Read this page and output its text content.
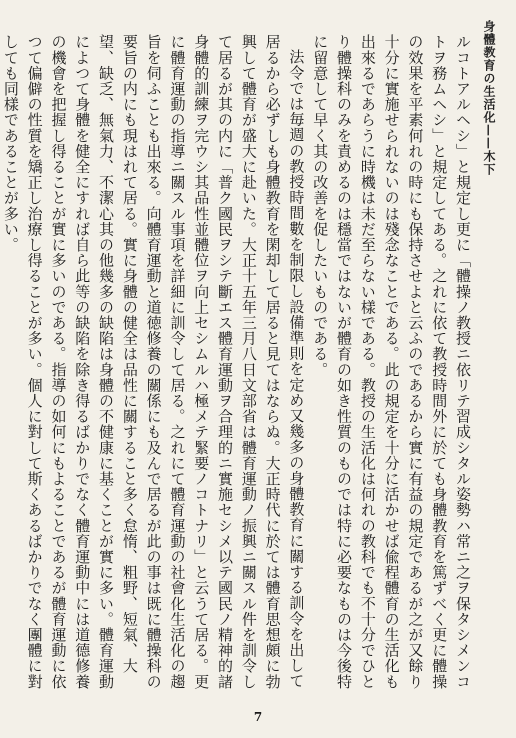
身體教育の生活化——木下

ルコトアルヘシ」と規定し更に「體操ノ教授ニ依リテ習成シタル姿勢ハ常ニ之ヲ保タシメンコトヲ務ムヘシ」と規定してある。之れに依て教授時間外に於ても身體教育を篤ずべく更に體操の效果を平素何れの時にも保持させよと云ふのであるから實に有益の規定であるが之が又餘り十分に實施せられないのは殘念なことである。此の規定を十分に活かせば偸程體育の生活化も出來るであらうに時機は未だ至らない樣である。教授の生活化は何れの教科でも不十分でひとり體操科のみを責めるのは穩當ではないが體育の如き性質のものでは特に必要なものは今後特に留意して早く其の改善を促したいものである。

法令では毎週の教授時間數を制限し設備準則を定め又幾多の身體教育に關する訓令を出して居るから必ずしも身體教育を閑却して居ると見てはならぬ。大正時代に於ては體育思想頗に勃興して體育が盛大に赴いた。大正十五年三月八日文部省は體育運動ノ振興ニ關スル件を訓令して居るが其の内に「普ク國民ヲシテ斷エス體育運動ヲ合理的ニ實施セシメ以テ國民ノ精神的諸身體的訓練ヲ完ウシ其品性並體位ヲ向上セシムルハ極メテ緊要ノコトナリ」と云うて居る。更に體育運動の指導ニ關スル事項を詳細に訓令して居る。之れにて體育運動の社會化生活化の趨旨を伺ふことも出來る。向體育運動と道徳修養の關係にも及んで居るが此の事は既に體操科の要旨の内にも現はれて居る。實に身體の健全は品性に關すること多く怠惰、粗野、短氣、大望、缺乏、無氣力、不潔心其の他幾多の缺陷は身體の不健康に基くことが實に多い。體育運動によつて身體を健全にすれば自ら此等の缺陷を除き得るばかりでなく體育運動中には道德修養の機會を把握し得ることが實に多いのである。指導の如何にもよることであるが體育運動に依つて偏僻の性質を矯正し治療し得ることが多い。個人に對して斯くあるばかりでなく團體に對しても同樣であることが多い。

7
